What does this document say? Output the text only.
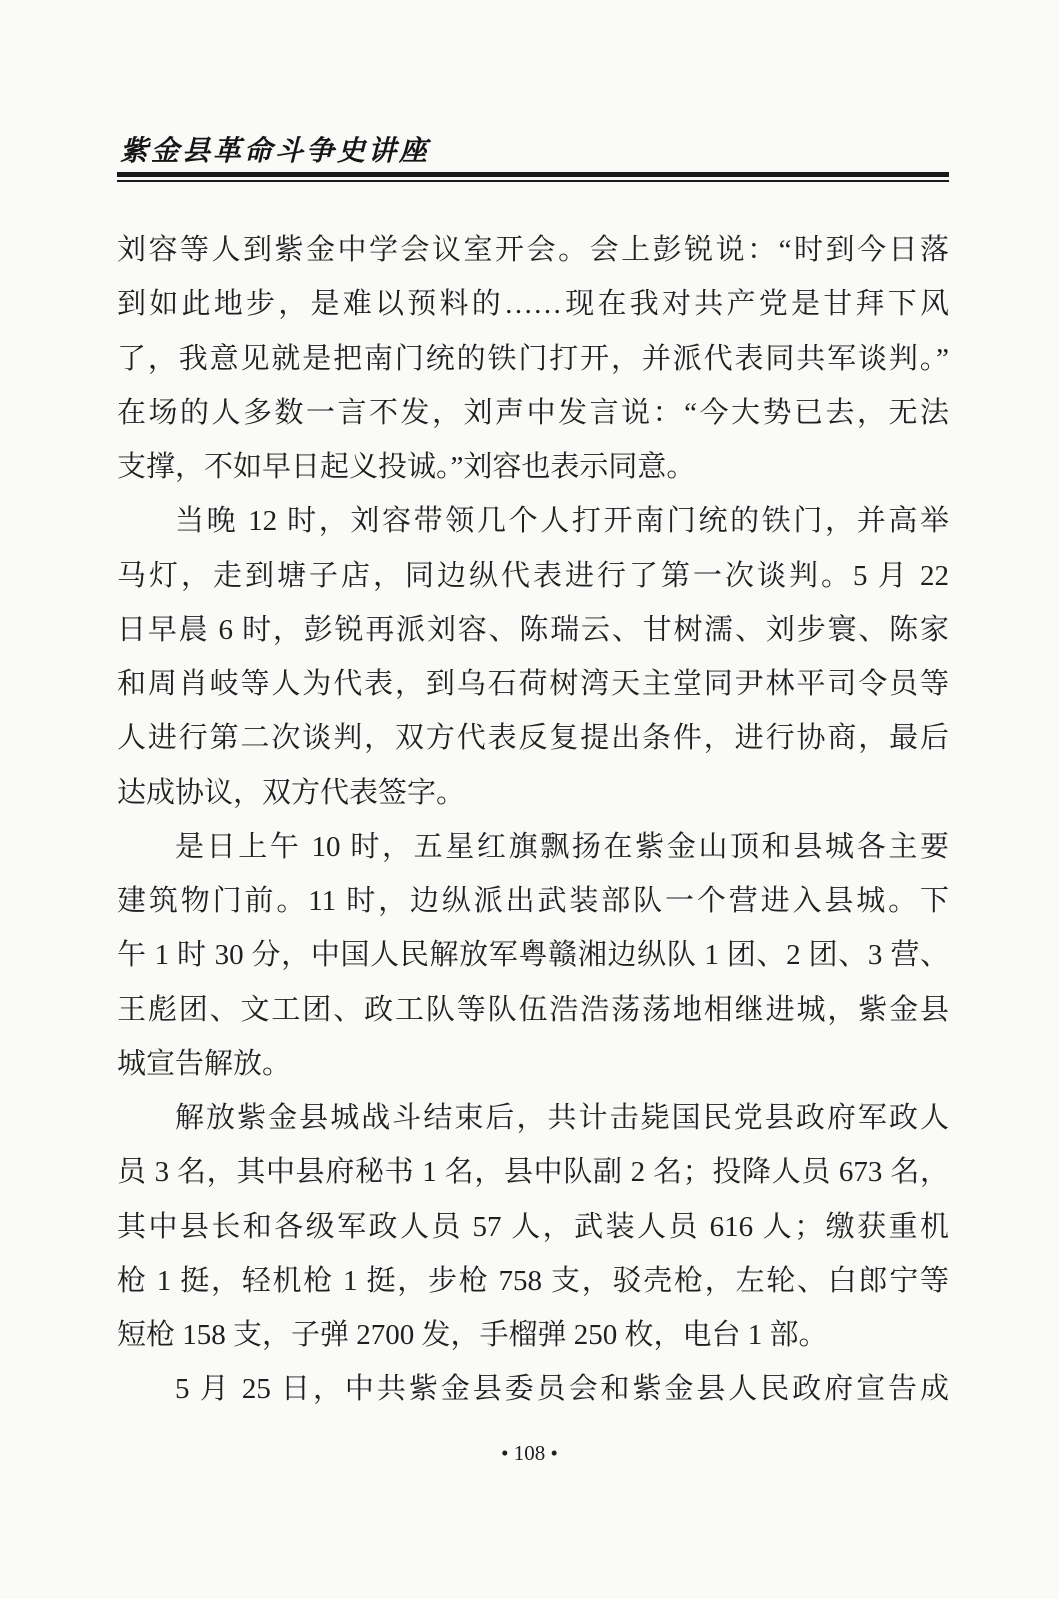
紫金县革命斗争史讲座
刘容等人到紫金中学会议室开会。会上彭锐说：“时到今日落
到如此地步，是难以预料的……现在我对共产党是甘拜下风
了，我意见就是把南门统的铁门打开，并派代表同共军谈判。”
在场的人多数一言不发，刘声中发言说：“今大势已去，无法
支撑，不如早日起义投诚。”刘容也表示同意。
当晚 12 时，刘容带领几个人打开南门统的铁门，并高举
马灯，走到塘子店，同边纵代表进行了第一次谈判。5 月 22
日早晨 6 时，彭锐再派刘容、陈瑞云、甘树濡、刘步寰、陈家
和周肖岐等人为代表，到乌石荷树湾天主堂同尹林平司令员等
人进行第二次谈判，双方代表反复提出条件，进行协商，最后
达成协议，双方代表签字。
是日上午 10 时，五星红旗飘扬在紫金山顶和县城各主要
建筑物门前。11 时，边纵派出武装部队一个营进入县城。下
午 1 时 30 分，中国人民解放军粤赣湘边纵队 1 团、2 团、3 营、
王彪团、文工团、政工队等队伍浩浩荡荡地相继进城，紫金县
城宣告解放。
解放紫金县城战斗结束后，共计击毙国民党县政府军政人
员 3 名，其中县府秘书 1 名，县中队副 2 名；投降人员 673 名，
其中县长和各级军政人员 57 人，武装人员 616 人；缴获重机
枪 1 挺，轻机枪 1 挺，步枪 758 支，驳壳枪，左轮、白郎宁等
短枪 158 支，子弹 2700 发，手榴弹 250 枚，电台 1 部。
5 月 25 日，中共紫金县委员会和紫金县人民政府宣告成
• 108 •
